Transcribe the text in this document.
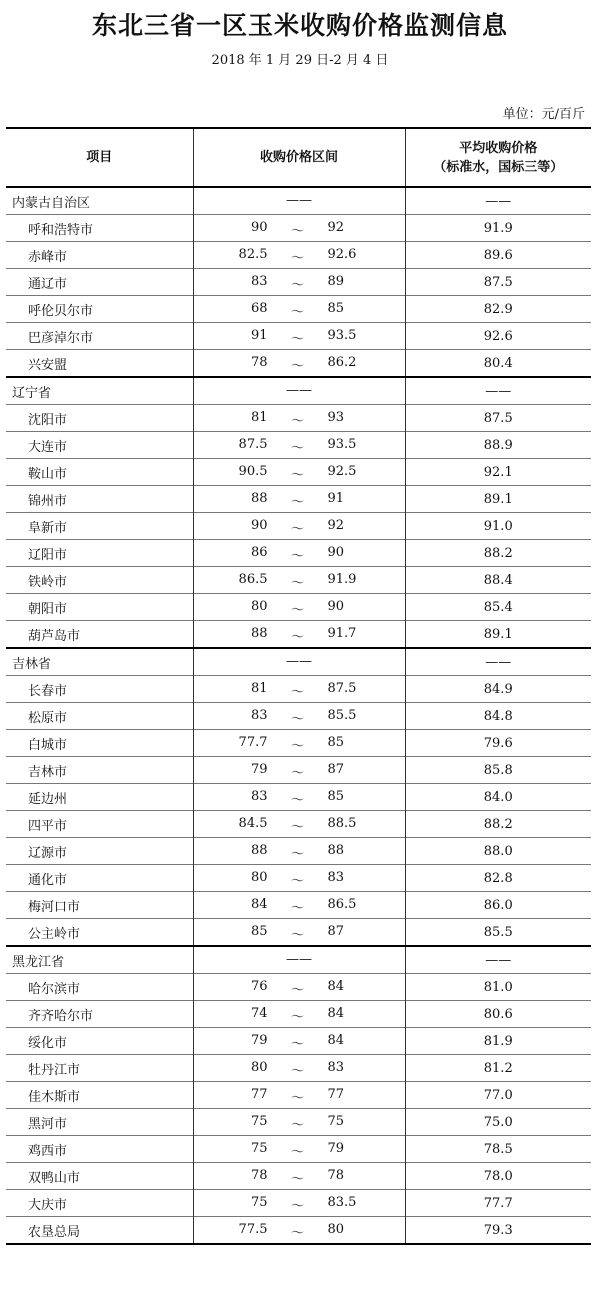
东北三省一区玉米收购价格监测信息
2018 年 1 月 29 日-2 月 4 日
单位：元/百斤
项目	收购价格区间	平均收购价格
（标准水，国标三等）

内蒙古自治区	——	——
呼和浩特市	90 ～ 92	91.9
赤峰市	82.5 ～ 92.6	89.6
通辽市	83 ～ 89	87.5
呼伦贝尔市	68 ～ 85	82.9
巴彦淖尔市	91 ～ 93.5	92.6
兴安盟	78 ～ 86.2	80.4
辽宁省	——	——
沈阳市	81 ～ 93	87.5
大连市	87.5 ～ 93.5	88.9
鞍山市	90.5 ～ 92.5	92.1
锦州市	88 ～ 91	89.1
阜新市	90 ～ 92	91.0
辽阳市	86 ～ 90	88.2
铁岭市	86.5 ～ 91.9	88.4
朝阳市	80 ～ 90	85.4
葫芦岛市	88 ～ 91.7	89.1
吉林省	——	——
长春市	81 ～ 87.5	84.9
松原市	83 ～ 85.5	84.8
白城市	77.7 ～ 85	79.6
吉林市	79 ～ 87	85.8
延边州	83 ～ 85	84.0
四平市	84.5 ～ 88.5	88.2
辽源市	88 ～ 88	88.0
通化市	80 ～ 83	82.8
梅河口市	84 ～ 86.5	86.0
公主岭市	85 ～ 87	85.5
黑龙江省	——	——
哈尔滨市	76 ～ 84	81.0
齐齐哈尔市	74 ～ 84	80.6
绥化市	79 ～ 84	81.9
牡丹江市	80 ～ 83	81.2
佳木斯市	77 ～ 77	77.0
黑河市	75 ～ 75	75.0
鸡西市	75 ～ 79	78.5
双鸭山市	78 ～ 78	78.0
大庆市	75 ～ 83.5	77.7
农垦总局	77.5 ～ 80	79.3
